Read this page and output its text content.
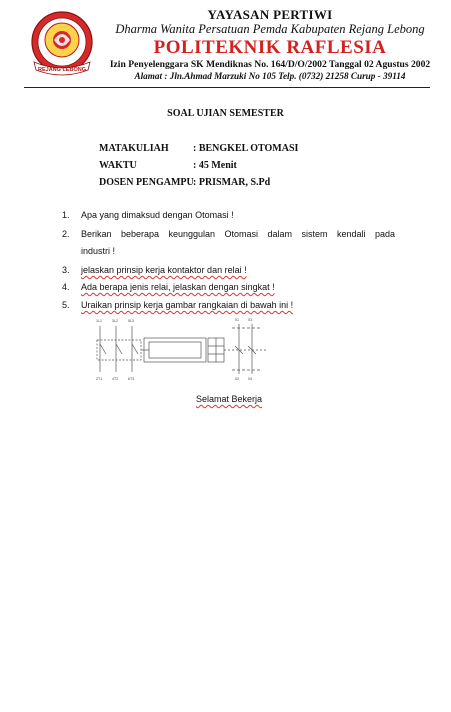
REJANG LEBONG
YAYASAN PERTIWI
Dharma Wanita Persatuan Pemda Kabupaten Rejang Lebong
POLITEKNIK RAFLESIA
Izin Penyelenggara SK Mendiknas No. 164/D/O/2002 Tanggal 02 Agustus 2002
Alamat : Jln.Ahmad Marzuki No 105 Telp. (0732) 21258 Curup - 39114
SOAL UJIAN SEMESTER
MATAKULIAH : BENGKEL OTOMASI
WAKTU	: 45 Menit
DOSEN PENGAMPU : PRISMAR, S.Pd
1. Apa yang dimaksud dengan Otomasi !
2. Berikan beberapa keunggulan Otomasi dalam sistem kendali pada
industri !
3. jelaskan prinsip kerja kontaktor dan relai !
4. Ada berapa jenis relai, jelaskan dengan singkat !
5. Uraikan prinsip kerja gambar rangkaian di bawah ini !
1L1	3L2	5L3	01	03
2T1	4T2	6T3	02	04
Selamat Bekerja
